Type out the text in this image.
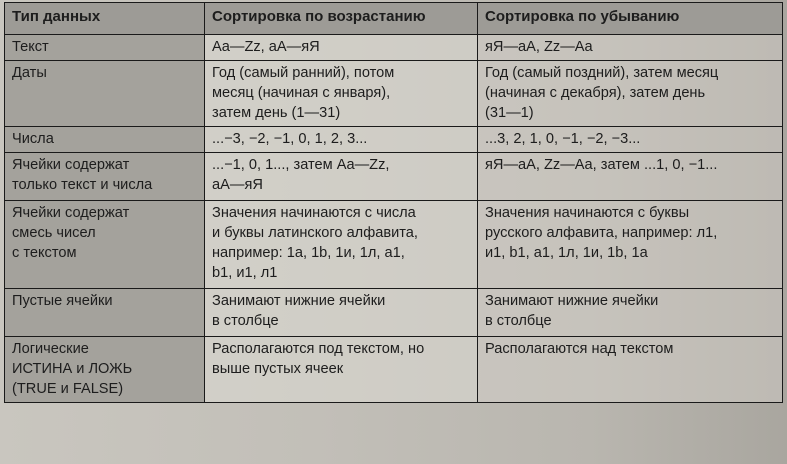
Тип данных	Сортировка по возрастанию	Сортировка по убыванию
Текст	Aa—Zz, аА—яЯ	яЯ—аА, Zz—Aa
Даты	Год (самый ранний), потом
месяц (начиная с января),
затем день (1—31)	Год (самый поздний), затем месяц
(начиная с декабря), затем день
(31—1)
Числа	...−3, −2, −1, 0, 1, 2, 3...	...3, 2, 1, 0, −1, −2, −3...
Ячейки содержат
только текст и числа	...−1, 0, 1..., затем Aa—Zz,
аА—яЯ	яЯ—аА, Zz—Aa, затем ...1, 0, −1...
Ячейки содержат
смесь чисел
с текстом	Значения начинаются с числа
и буквы латинского алфавита,
например: 1a, 1b, 1и, 1л, a1,
b1, и1, л1	Значения начинаются с буквы
русского алфавита, например: л1,
и1, b1, a1, 1л, 1и, 1b, 1a
Пустые ячейки	Занимают нижние ячейки
в столбце	Занимают нижние ячейки
в столбце
Логические
ИСТИНА и ЛОЖЬ
(TRUE и FALSE)	Располагаются под текстом, но
выше пустых ячеек	Располагаются над текстом
